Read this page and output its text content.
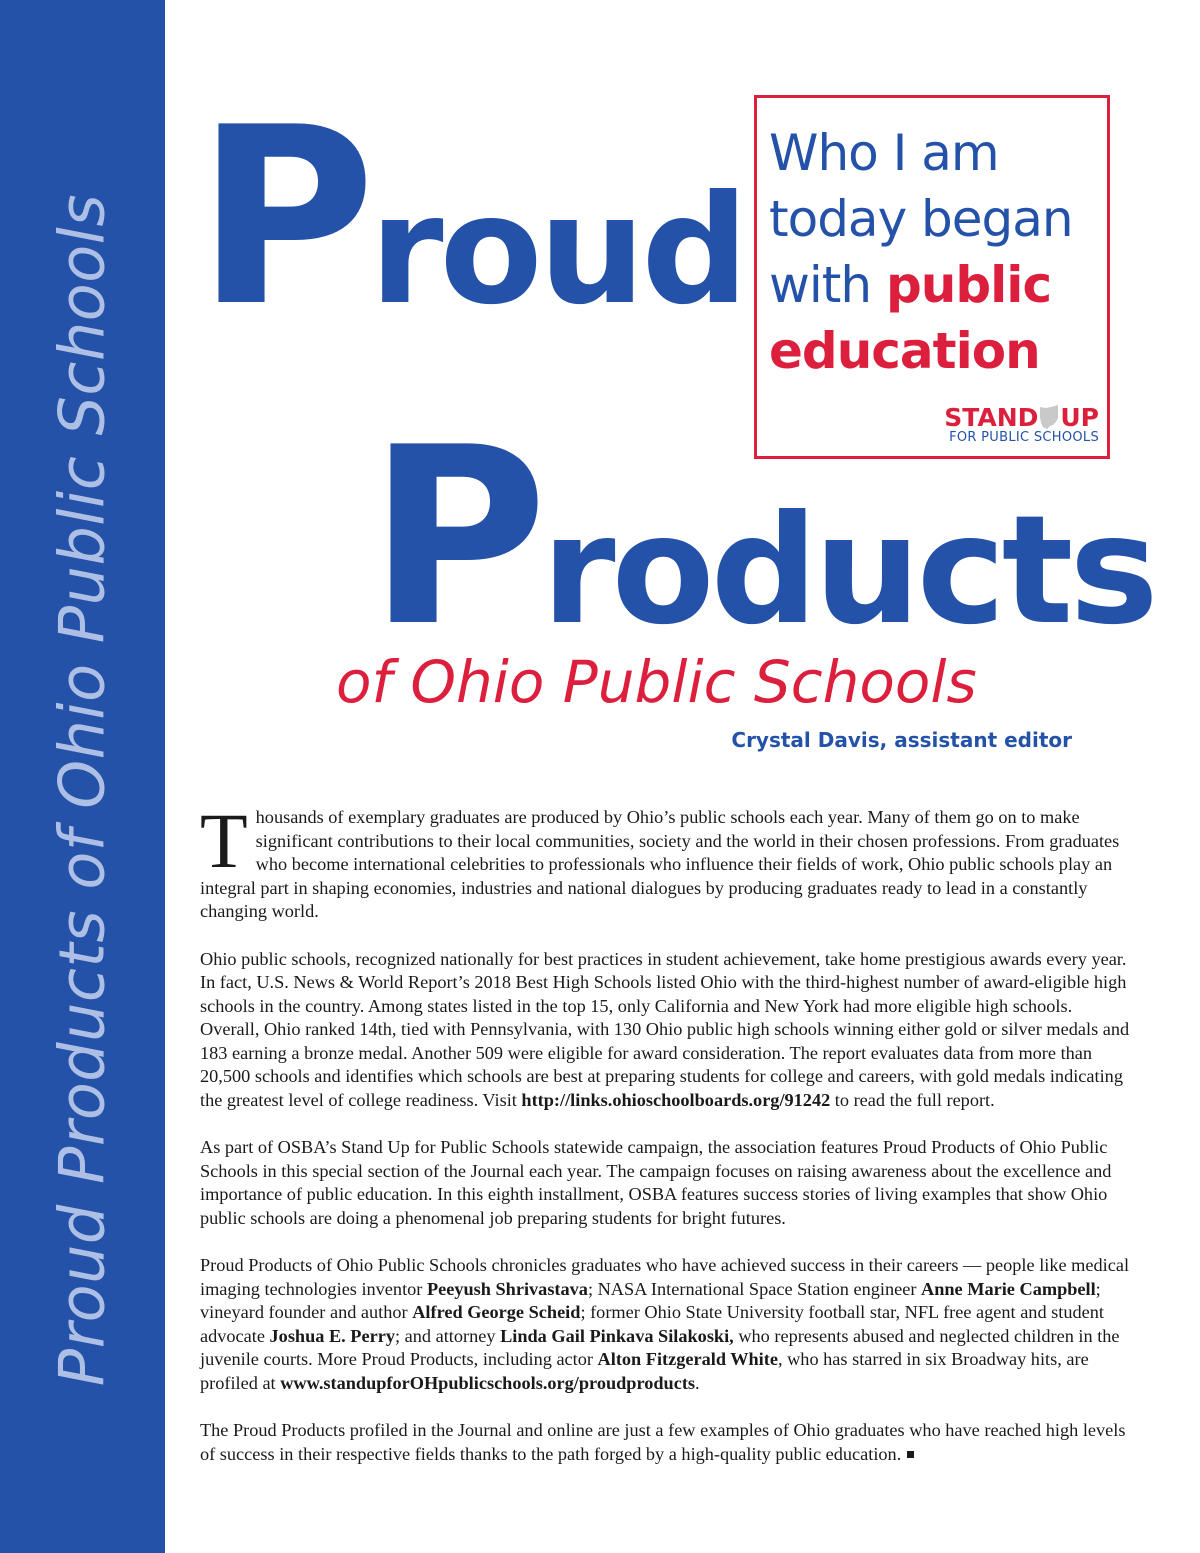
Proud Products of Ohio Public Schools Proud
Products
of Ohio Public Schools
Crystal Davis, assistant editor
Who I am
today began
with public
education
STAND UP
FOR PUBLIC SCHOOLS

Thousands of exemplary graduates are produced by Ohio’s public schools each year. Many of them go on to make significant contributions to their local communities, society and the world in their chosen professions. From graduates who become international celebrities to professionals who influence their fields of work, Ohio public schools play an integral part in shaping economies, industries and national dialogues by producing graduates ready to lead in a constantly changing world.

Ohio public schools, recognized nationally for best practices in student achievement, take home prestigious awards every year. In fact, U.S. News & World Report’s 2018 Best High Schools listed Ohio with the third-highest number of award-eligible high schools in the country. Among states listed in the top 15, only California and New York had more eligible high schools. Overall, Ohio ranked 14th, tied with Pennsylvania, with 130 Ohio public high schools winning either gold or silver medals and 183 earning a bronze medal. Another 509 were eligible for award consideration. The report evaluates data from more than 20,500 schools and identifies which schools are best at preparing students for college and careers, with gold medals indicating the greatest level of college readiness. Visit http://links.ohioschoolboards.org/91242 to read the full report.

As part of OSBA’s Stand Up for Public Schools statewide campaign, the association features Proud Products of Ohio Public Schools in this special section of the Journal each year. The campaign focuses on raising awareness about the excellence and importance of public education. In this eighth installment, OSBA features success stories of living examples that show Ohio public schools are doing a phenomenal job preparing students for bright futures.

Proud Products of Ohio Public Schools chronicles graduates who have achieved success in their careers — people like medical imaging technologies inventor Peeyush Shrivastava; NASA International Space Station engineer Anne Marie Campbell; vineyard founder and author Alfred George Scheid; former Ohio State University football star, NFL free agent and student advocate Joshua E. Perry; and attorney Linda Gail Pinkava Silakoski, who represents abused and neglected children in the juvenile courts. More Proud Products, including actor Alton Fitzgerald White, who has starred in six Broadway hits, are profiled at www.standupforOHpublicschools.org/proudproducts.

The Proud Products profiled in the Journal and online are just a few examples of Ohio graduates who have reached high levels of success in their respective fields thanks to the path forged by a high-quality public education.
